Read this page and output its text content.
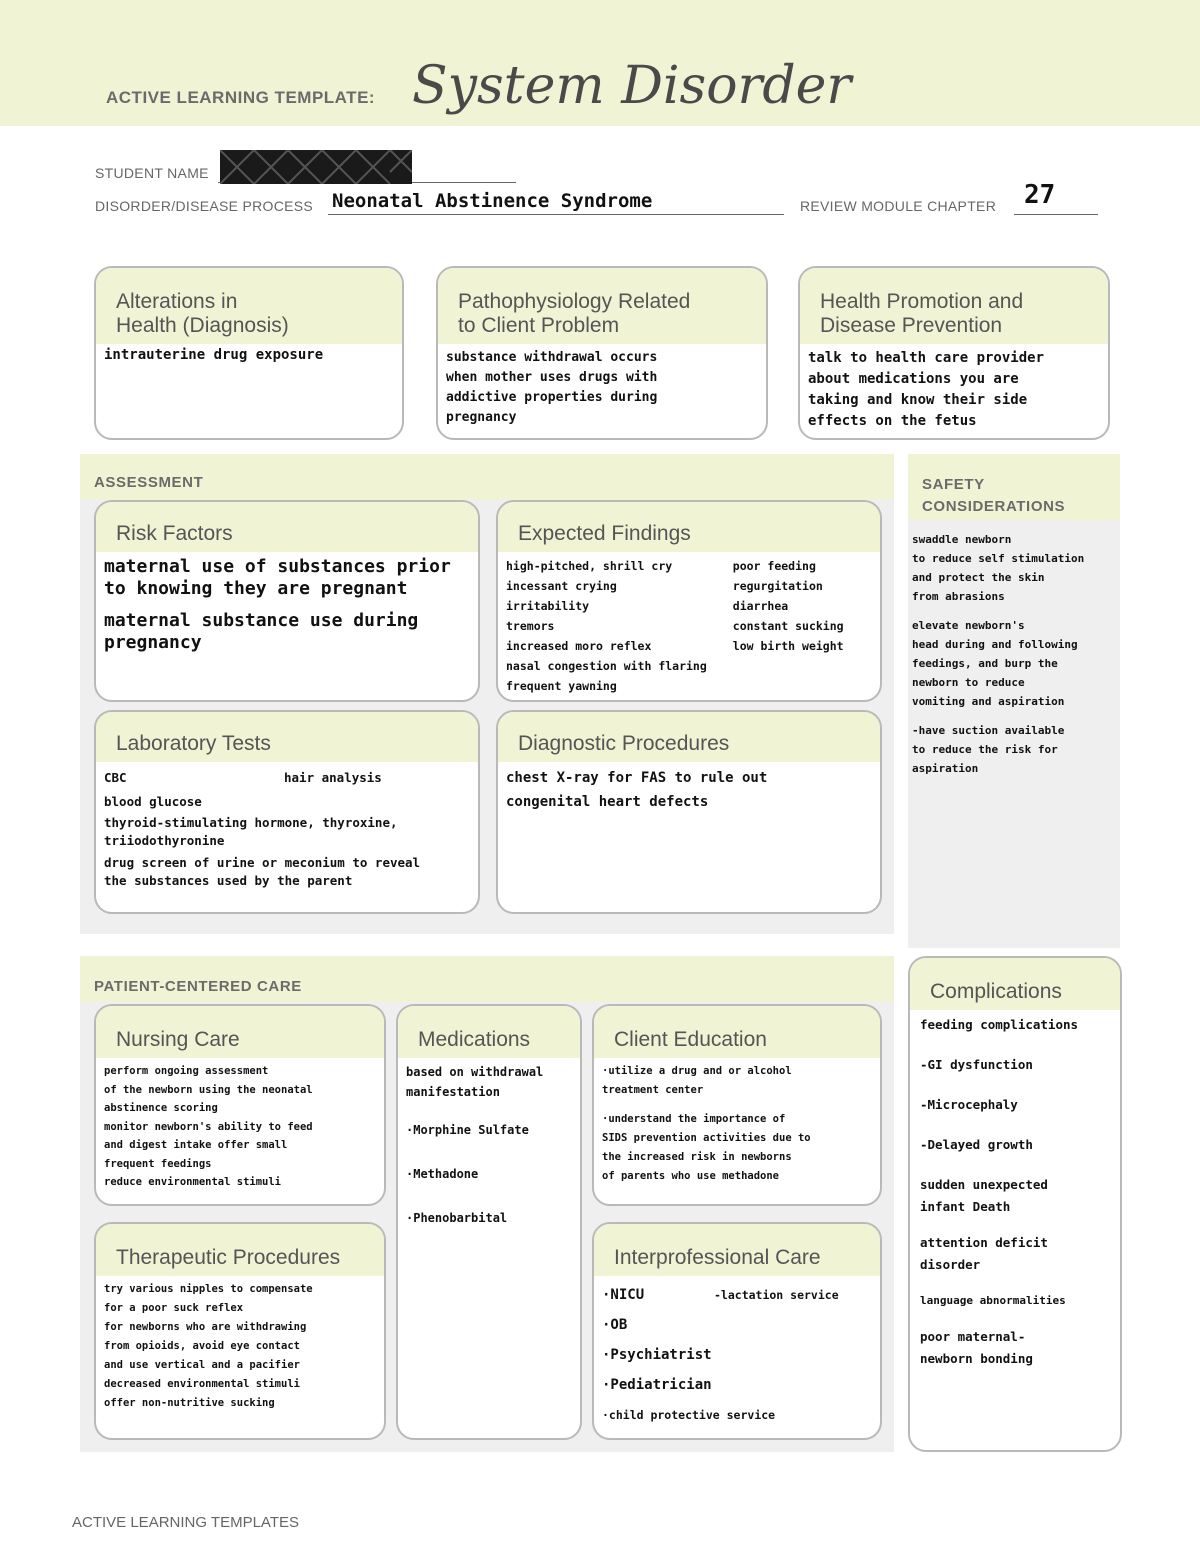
ACTIVE LEARNING TEMPLATE: System Disorder
STUDENT NAME
DISORDER/DISEASE PROCESS Neonatal Abstinence Syndrome	REVIEW MODULE CHAPTER 27
Alterations in
Health (Diagnosis)
intrauterine drug exposure
Pathophysiology Related
to Client Problem
substance withdrawal occurs
when mother uses drugs with
addictive properties during
pregnancy
Health Promotion and
Disease Prevention
talk to health care provider
about medications you are
taking and know their side
effects on the fetus
ASSESSMENT
Risk Factors
maternal use of substances prior
to knowing they are pregnant
maternal substance use during
pregnancy
Expected Findings
high-pitched, shrill cry
incessant crying
irritability
tremors
increased moro reflex
nasal congestion with flaring
frequent yawning
poor feeding
regurgitation
diarrhea
constant sucking
low birth weight
Laboratory Tests
CBC	hair analysis
blood glucose
thyroid-stimulating hormone, thyroxine,
triiodothyronine
drug screen of urine or meconium to reveal
the substances used by the parent
Diagnostic Procedures
chest X-ray for FAS to rule out
congenital heart defects
SAFETY
CONSIDERATIONS
swaddle newborn
to reduce self stimulation
and protect the skin
from abrasions
elevate newborn's
head during and following
feedings, and burp the
newborn to reduce
vomiting and aspiration
-have suction available
to reduce the risk for
aspiration
PATIENT-CENTERED CARE
Nursing Care
perform ongoing assessment
of the newborn using the neonatal
abstinence scoring
monitor newborn's ability to feed
and digest intake offer small
frequent feedings
reduce environmental stimuli
Medications
based on withdrawal
manifestation
·Morphine Sulfate
·Methadone
·Phenobarbital
Client Education
·utilize a drug and or alcohol
treatment center
·understand the importance of
SIDS prevention activities due to
the increased risk in newborns
of parents who use methadone
Therapeutic Procedures
try various nipples to compensate
for a poor suck reflex
for newborns who are withdrawing
from opioids, avoid eye contact
and use vertical and a pacifier
decreased environmental stimuli
offer non-nutritive sucking
Interprofessional Care
·NICU	-lactation service
·OB
·Psychiatrist
·Pediatrician
·child protective service
Complications
feeding complications
-GI dysfunction
-Microcephaly
-Delayed growth
sudden unexpected
infant Death
attention deficit
disorder
language abnormalities
poor maternal-
newborn bonding
ACTIVE LEARNING TEMPLATES
